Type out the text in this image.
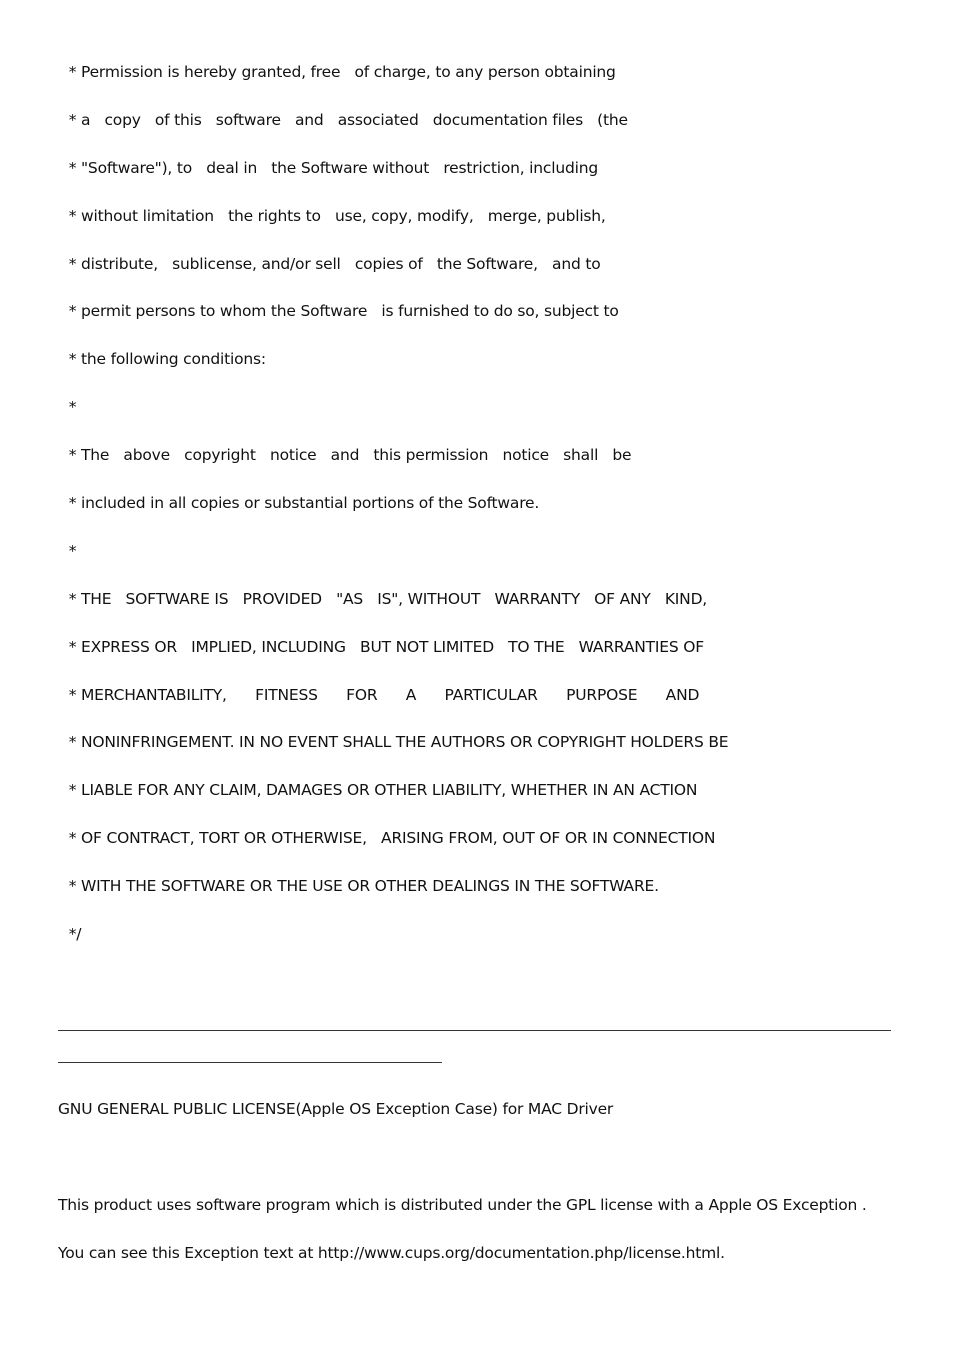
* Permission is hereby granted, free   of charge, to any person obtaining
* a   copy   of this   software   and   associated   documentation files   (the
* "Software"), to   deal in   the Software without   restriction, including
* without limitation   the rights to   use, copy, modify,   merge, publish,
* distribute,   sublicense, and/or sell   copies of   the Software,   and to
* permit persons to whom the Software   is furnished to do so, subject to
* the following conditions:
*
* The   above   copyright   notice   and   this permission   notice   shall   be
* included in all copies or substantial portions of the Software.
*
* THE   SOFTWARE IS   PROVIDED   "AS   IS", WITHOUT   WARRANTY   OF ANY   KIND,
* EXPRESS OR   IMPLIED, INCLUDING   BUT NOT LIMITED   TO THE   WARRANTIES OF
* MERCHANTABILITY,      FITNESS      FOR      A      PARTICULAR      PURPOSE      AND
* NONINFRINGEMENT. IN NO EVENT SHALL THE AUTHORS OR COPYRIGHT HOLDERS BE
* LIABLE FOR ANY CLAIM, DAMAGES OR OTHER LIABILITY, WHETHER IN AN ACTION
* OF CONTRACT, TORT OR OTHERWISE,   ARISING FROM, OUT OF OR IN CONNECTION
* WITH THE SOFTWARE OR THE USE OR OTHER DEALINGS IN THE SOFTWARE.
*/
GNU GENERAL PUBLIC LICENSE(Apple OS Exception Case) for MAC Driver
This product uses software program which is distributed under the GPL license with a Apple OS Exception .
You can see this Exception text at http://www.cups.org/documentation.php/license.html.
